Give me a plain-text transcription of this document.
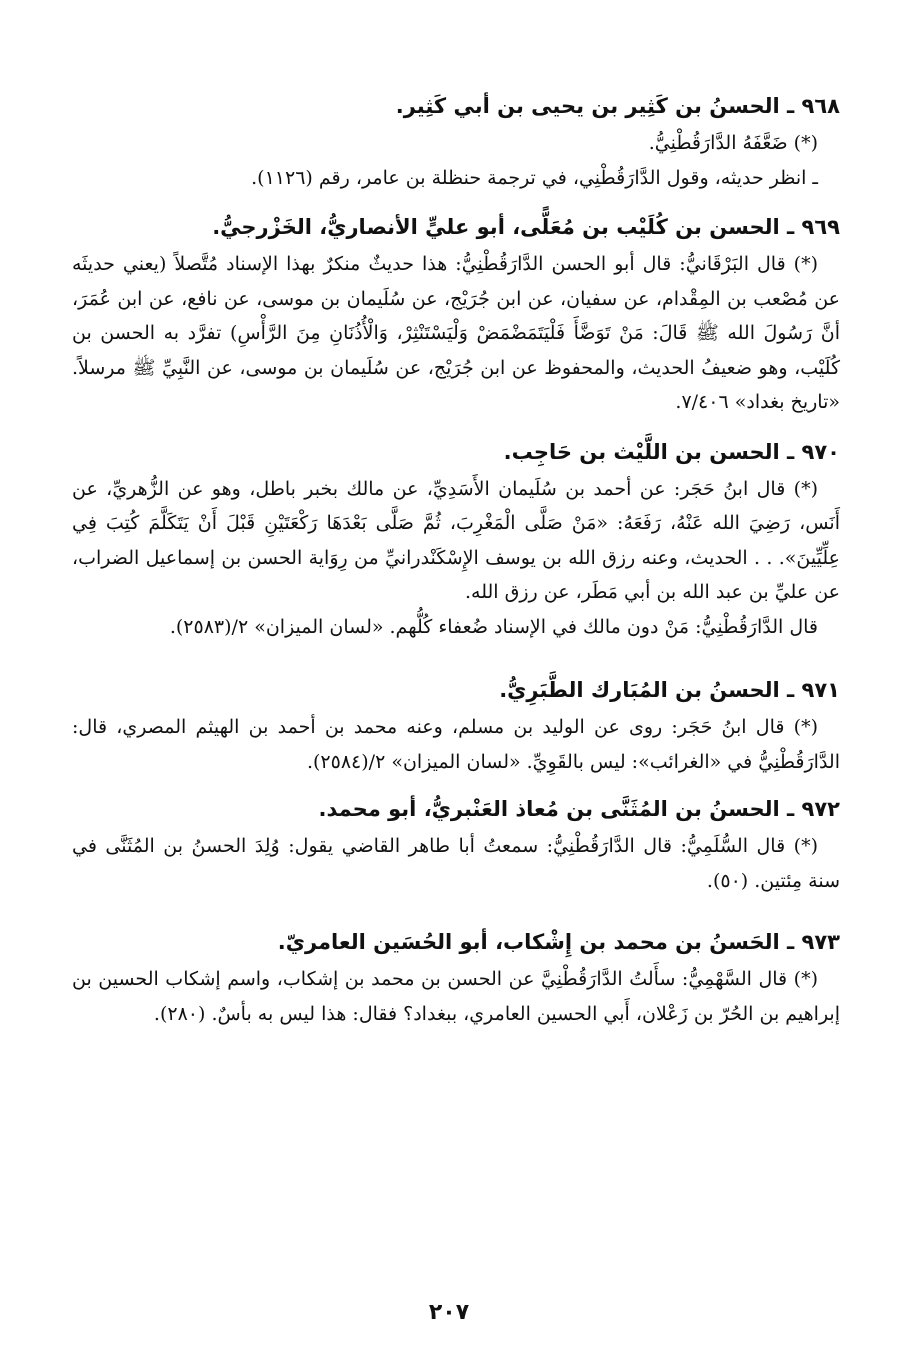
٩٦٨ ـ الحسنُ بن كَثِير بن يحيى بن أبي كَثِير.

(*) ضَعَّفَهُ الدَّارَقُطْنِيُّ.

ـ انظر حديثه، وقول الدَّارَقُطْنِي، في ترجمة حنظلة بن عامر، رقم (١١٢٦).

٩٦٩ ـ الحسن بن كُلَيْب بن مُعَلًّى، أبو عليٍّ الأنصاريُّ، الخَزْرجيُّ.

(*) قال البَرْقَانيُّ: قال أبو الحسن الدَّارَقُطْنِيُّ: هذا حديثٌ منكرٌ بهذا الإسناد مُتَّصلاً (يعني حديثَه عن مُصْعب بن المِقْدام، عن سفيان، عن ابن جُرَيْج، عن سُلَيمان بن موسى، عن نافع، عن ابن عُمَرَ، أنَّ رَسُولَ الله ﷺ قَالَ: مَنْ تَوَضَّأَ فَلْيَتَمَضْمَضْ وَلْيَسْتَنْثِرْ، وَالْأُذُنَانِ مِنَ الرَّأْسِ) تفرَّد به الحسن بن كُلَيْب، وهو ضعيفُ الحديث، والمحفوظ عن ابن جُرَيْج، عن سُلَيمان بن موسى، عن النَّبِيِّ ﷺ مرسلاً. «تاريخ بغداد» ٧/٤٠٦.

٩٧٠ ـ الحسن بن اللَّيْث بن حَاجِب.

(*) قال ابنُ حَجَر: عن أحمد بن سُلَيمان الأَسَدِيِّ، عن مالك بخبر باطل، وهو عن الزُّهريِّ، عن أَنَس، رَضِيَ الله عَنْهُ، رَفَعَهُ: «مَنْ صَلَّى الْمَغْرِبَ، ثُمَّ صَلَّى بَعْدَهَا رَكْعَتَيْنِ قَبْلَ أَنْ يَتَكَلَّمَ كُتِبَ فِي عِلِّيِّينَ». . . الحديث، وعنه رزق الله بن يوسف الإِسْكَنْدرانيِّ من رِوَاية الحسن بن إسماعيل الضراب، عن عليِّ بن عبد الله بن أبي مَطَر، عن رزق الله.

قال الدَّارَقُطْنِيُّ: مَنْ دون مالك في الإسناد ضُعفاء كُلُّهم. «لسان الميزان» ٢/(٢٥٨٣).

٩٧١ ـ الحسنُ بن المُبَارك الطَّبَرِيُّ.

(*) قال ابنُ حَجَر: روى عن الوليد بن مسلم، وعنه محمد بن أحمد بن الهيثم المصري، قال: الدَّارَقُطْنِيُّ في «الغرائب»: ليس بالقَوِيِّ. «لسان الميزان» ٢/(٢٥٨٤).

٩٧٢ ـ الحسنُ بن المُثَنَّى بن مُعاذ العَنْبريُّ، أبو محمد.

(*) قال السُّلَمِيُّ: قال الدَّارَقُطْنِيُّ: سمعتُ أبا طاهر القاضي يقول: وُلِدَ الحسنُ بن المُثَنَّى في سنة مِئتين. (٥٠).

٩٧٣ ـ الحَسنُ بن محمد بن إِشْكاب، أبو الحُسَين العامريّ.

(*) قال السَّهْمِيُّ: سأَلتُ الدَّارَقُطْنِيَّ عن الحسن بن محمد بن إشكاب، واسم إشكاب الحسين بن إبراهيم بن الحُرّ بن زَعْلان، أَبي الحسين العامري، ببغداد؟ فقال: هذا ليس به بأسٌ. (٢٨٠).

٢٠٧
